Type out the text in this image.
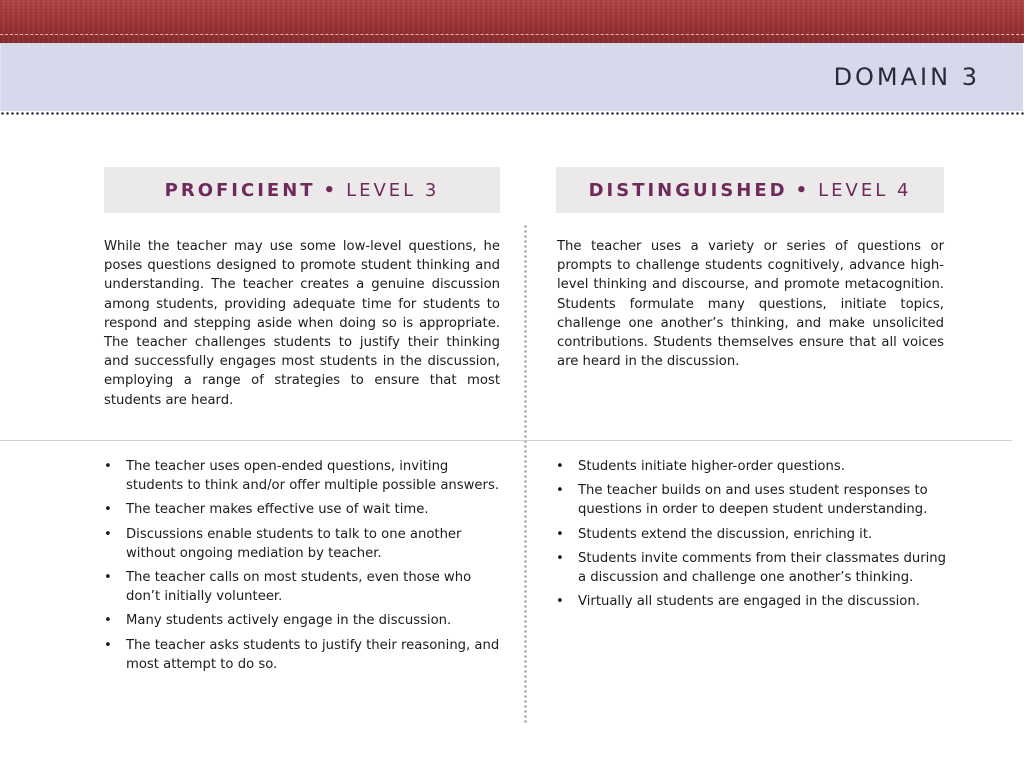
DOMAIN 3
PROFICIENT • LEVEL 3	DISTINGUISHED • LEVEL 4

While the teacher may use some low-level questions, he poses questions designed to promote student thinking and understanding. The teacher creates a genuine discussion among students, providing adequate time for students to respond and stepping aside when doing so is appropriate. The teacher challenges students to justify their thinking and successfully engages most students in the discussion, employing a range of strategies to ensure that most students are heard.

The teacher uses a variety or series of questions or prompts to challenge students cognitively, advance high-level thinking and discourse, and promote metacognition. Students formulate many questions, initiate topics, challenge one another’s thinking, and make unsolicited contributions. Students themselves ensure that all voices are heard in the discussion.

• The teacher uses open-ended questions, inviting students to think and/or offer multiple possible answers.
• The teacher makes effective use of wait time.
• Discussions enable students to talk to one another without ongoing mediation by teacher.
• The teacher calls on most students, even those who don’t initially volunteer.
• Many students actively engage in the discussion.
• The teacher asks students to justify their reasoning, and most attempt to do so.
• Students initiate higher-order questions.
• The teacher builds on and uses student responses to questions in order to deepen student understanding.
• Students extend the discussion, enriching it.
• Students invite comments from their classmates during a discussion and challenge one another’s thinking.
• Virtually all students are engaged in the discussion.
